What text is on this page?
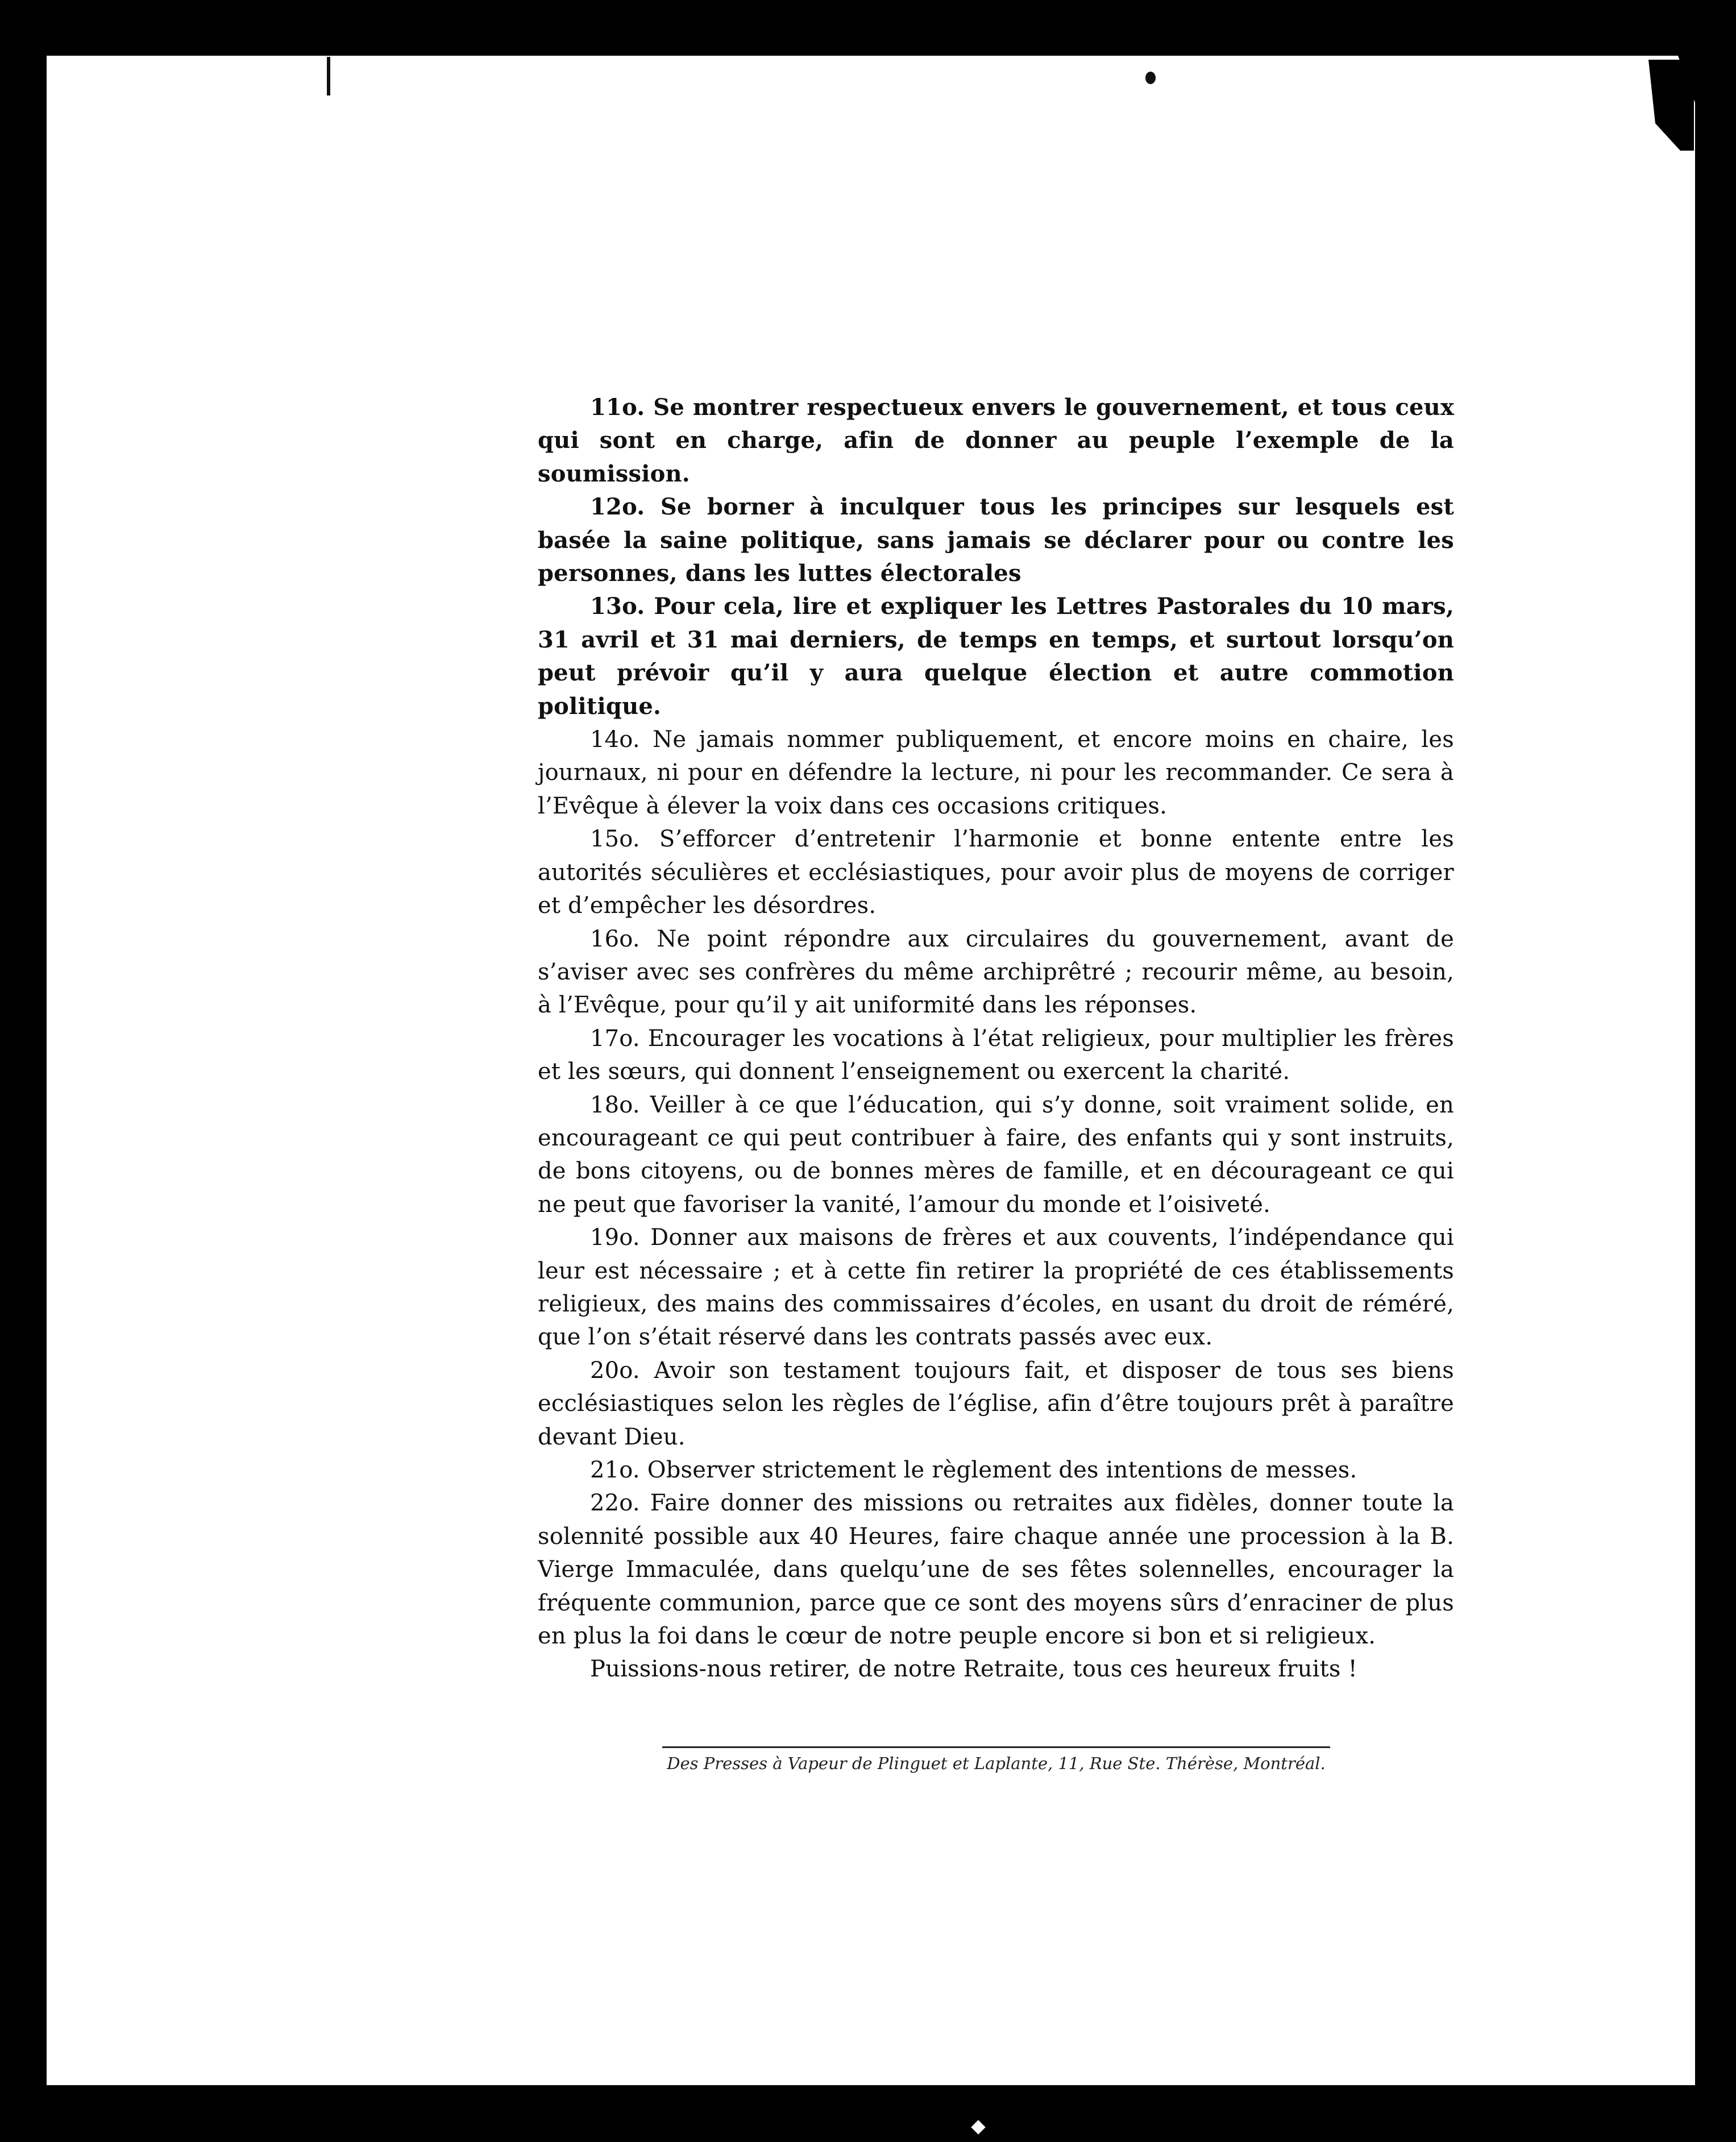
11o. Se montrer respectueux envers le gouvernement, et tous ceux qui sont en charge, afin de donner au peuple l’exemple de la soumission.

12o. Se borner à inculquer tous les principes sur lesquels est basée la saine politique, sans jamais se déclarer pour ou contre les personnes, dans les luttes électorales

13o. Pour cela, lire et expliquer les Lettres Pastorales du 10 mars, 31 avril et 31 mai derniers, de temps en temps, et surtout lorsqu’on peut prévoir qu’il y aura quelque élection et autre commotion politique.

14o. Ne jamais nommer publiquement, et encore moins en chaire, les journaux, ni pour en défendre la lecture, ni pour les recommander. Ce sera à l’Evêque à élever la voix dans ces occasions critiques.

15o. S’efforcer d’entretenir l’harmonie et bonne entente entre les autorités séculières et ecclésiastiques, pour avoir plus de moyens de corriger et d’empêcher les désordres.

16o. Ne point répondre aux circulaires du gouvernement, avant de s’aviser avec ses confrères du même archiprêtré ; recourir même, au besoin, à l’Evêque, pour qu’il y ait uniformité dans les réponses.

17o. Encourager les vocations à l’état religieux, pour multiplier les frères et les sœurs, qui donnent l’enseignement ou exercent la charité.

18o. Veiller à ce que l’éducation, qui s’y donne, soit vraiment solide, en encourageant ce qui peut contribuer à faire, des enfants qui y sont instruits, de bons citoyens, ou de bonnes mères de famille, et en décourageant ce qui ne peut que favoriser la vanité, l’amour du monde et l’oisiveté.

19o. Donner aux maisons de frères et aux couvents, l’indépendance qui leur est nécessaire ; et à cette fin retirer la propriété de ces établissements religieux, des mains des commissaires d’écoles, en usant du droit de réméré, que l’on s’était réservé dans les contrats passés avec eux.

20o. Avoir son testament toujours fait, et disposer de tous ses biens ecclésiastiques selon les règles de l’église, afin d’être toujours prêt à paraître devant Dieu.

21o. Observer strictement le règlement des intentions de messes.

22o. Faire donner des missions ou retraites aux fidèles, donner toute la solennité possible aux 40 Heures, faire chaque année une procession à la B. Vierge Immaculée, dans quelqu’une de ses fêtes solennelles, encourager la fréquente communion, parce que ce sont des moyens sûrs d’enraciner de plus en plus la foi dans le cœur de notre peuple encore si bon et si religieux.

Puissions-nous retirer, de notre Retraite, tous ces heureux fruits !

Des Presses à Vapeur de Plinguet et Laplante, 11, Rue Ste. Thérèse, Montréal.
